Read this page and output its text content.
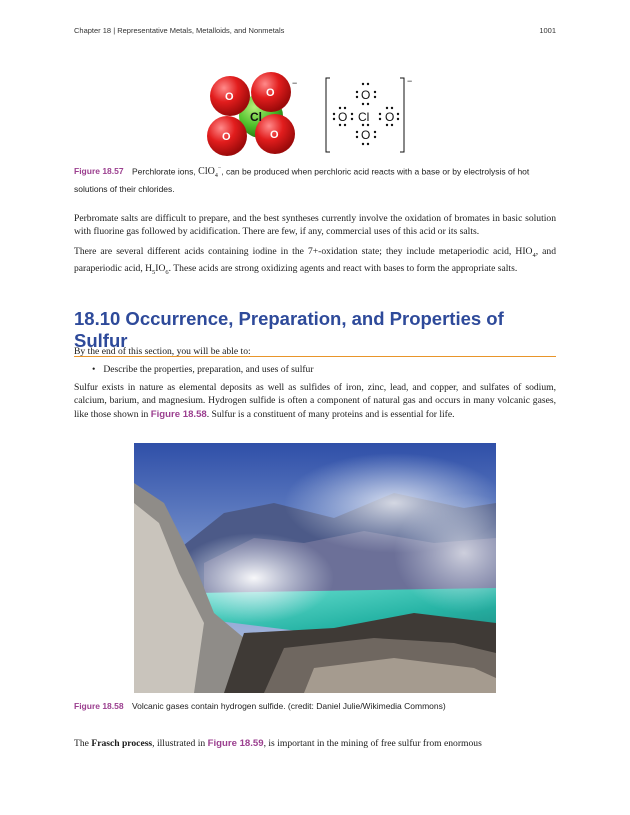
Chapter 18 | Representative Metals, Metalloids, and Nonmetals	1001
Cl
O	O
O	O
−	−
Cl
O
O
O	O
Figure 18.57 Perchlorate ions, ClO$_4$−, can be produced when perchloric acid reacts with a base or by electrolysis of hot solutions of their chlorides.
Perbromate salts are difficult to prepare, and the best syntheses currently involve the oxidation of bromates in basic solution with fluorine gas followed by acidification. There are few, if any, commercial uses of this acid or its salts.
There are several different acids containing iodine in the 7+-oxidation state; they include metaperiodic acid, $HIO_4$, and paraperiodic acid, $H_5IO_6$. These acids are strong oxidizing agents and react with bases to form the appropriate salts.
18.10 Occurrence, Preparation, and Properties of Sulfur
By the end of this section, you will be able to:
• Describe the properties, preparation, and uses of sulfur
Sulfur exists in nature as elemental deposits as well as sulfides of iron, zinc, lead, and copper, and sulfates of sodium, calcium, barium, and magnesium. Hydrogen sulfide is often a component of natural gas and occurs in many volcanic gases, like those shown in Figure 18.58. Sulfur is a constituent of many proteins and is essential for life.
Figure 18.58 Volcanic gases contain hydrogen sulfide. (credit: Daniel Julie/Wikimedia Commons)
The Frasch process, illustrated in Figure 18.59, is important in the mining of free sulfur from enormous
